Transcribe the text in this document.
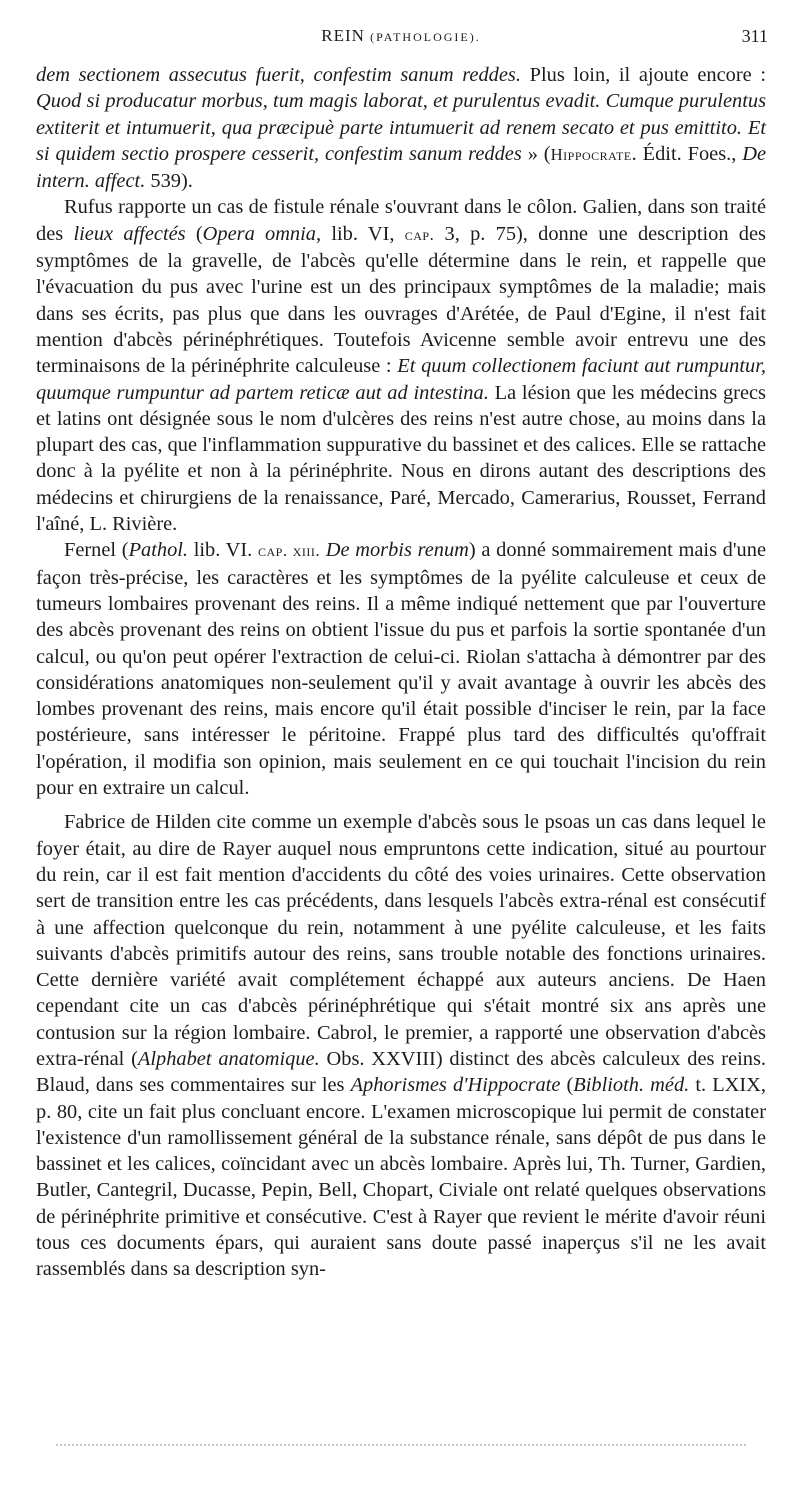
REIN (PATHOLOGIE).	311

dem sectionem assecutus fuerit, confestim sanum reddes. Plus loin, il ajoute encore : Quod si producatur morbus, tum magis laborat, et purulentus evadit. Cumque purulentus extiterit et intumuerit, qua præcipuè parte intumuerit ad renem secato et pus emittito. Et si quidem sectio prospere cesserit, confestim sanum reddes » (Hippocrate. Édit. Foes., De intern. affect. 539).

Rufus rapporte un cas de fistule rénale s'ouvrant dans le côlon. Galien, dans son traité des lieux affectés (Opera omnia, lib. VI, cap. 3, p. 75), donne une description des symptômes de la gravelle, de l'abcès qu'elle détermine dans le rein, et rappelle que l'évacuation du pus avec l'urine est un des principaux symptômes de la maladie; mais dans ses écrits, pas plus que dans les ouvrages d'Arétée, de Paul d'Egine, il n'est fait mention d'abcès périnéphrétiques. Toutefois Avicenne semble avoir entrevu une des terminaisons de la périnéphrite calculeuse : Et quum collectionem faciunt aut rumpuntur, quumque rumpuntur ad partem reticæ aut ad intestina. La lésion que les médecins grecs et latins ont désignée sous le nom d'ulcères des reins n'est autre chose, au moins dans la plupart des cas, que l'inflammation suppurative du bassinet et des calices. Elle se rattache donc à la pyélite et non à la périnéphrite. Nous en dirons autant des descriptions des médecins et chirurgiens de la renaissance, Paré, Mercado, Camerarius, Rousset, Ferrand l'aîné, L. Rivière.

Fernel (Pathol. lib. VI. cap. xiii. De morbis renum) a donné sommairement mais d'une façon très-précise, les caractères et les symptômes de la pyélite calculeuse et ceux de tumeurs lombaires provenant des reins. Il a même indiqué nettement que par l'ouverture des abcès provenant des reins on obtient l'issue du pus et parfois la sortie spontanée d'un calcul, ou qu'on peut opérer l'extraction de celui-ci. Riolan s'attacha à démontrer par des considérations anatomiques non-seulement qu'il y avait avantage à ouvrir les abcès des lombes provenant des reins, mais encore qu'il était possible d'inciser le rein, par la face postérieure, sans intéresser le péritoine. Frappé plus tard des difficultés qu'offrait l'opération, il modifia son opinion, mais seulement en ce qui touchait l'incision du rein pour en extraire un calcul.

Fabrice de Hilden cite comme un exemple d'abcès sous le psoas un cas dans lequel le foyer était, au dire de Rayer auquel nous empruntons cette indication, situé au pourtour du rein, car il est fait mention d'accidents du côté des voies urinaires. Cette observation sert de transition entre les cas précédents, dans lesquels l'abcès extra-rénal est consécutif à une affection quelconque du rein, notamment à une pyélite calculeuse, et les faits suivants d'abcès primitifs autour des reins, sans trouble notable des fonctions urinaires. Cette dernière variété avait complétement échappé aux auteurs anciens. De Haen cependant cite un cas d'abcès périnéphrétique qui s'était montré six ans après une contusion sur la région lombaire. Cabrol, le premier, a rapporté une observation d'abcès extra-rénal (Alphabet anatomique. Obs. XXVIII) distinct des abcès calculeux des reins. Blaud, dans ses commentaires sur les Aphorismes d'Hippocrate (Biblioth. méd. t. LXIX, p. 80, cite un fait plus concluant encore. L'examen microscopique lui permit de constater l'existence d'un ramollissement général de la substance rénale, sans dépôt de pus dans le bassinet et les calices, coïncidant avec un abcès lombaire. Après lui, Th. Turner, Gardien, Butler, Cantegril, Ducasse, Pepin, Bell, Chopart, Civiale ont relaté quelques observations de périnéphrite primitive et consécutive. C'est à Rayer que revient le mérite d'avoir réuni tous ces documents épars, qui auraient sans doute passé inaperçus s'il ne les avait rassemblés dans sa description syn-
